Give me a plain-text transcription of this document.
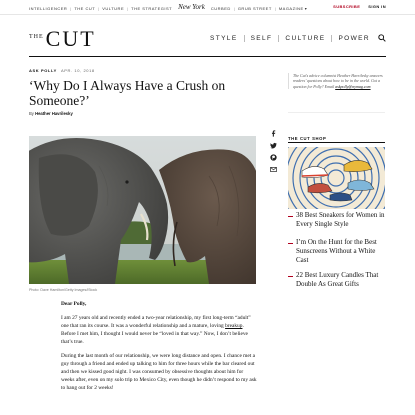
INTELLIGENCER | THE CUT | VULTURE | THE STRATEGIST New York CURBED | GRUB STREET | MAGAZINE ▾	SUBSCRIBE SIGN IN
THE CUT	STYLE SELF CULTURE POWER
ASK POLLY APR. 10, 2018
‘Why Do I Always Have a Crush on Someone?’
By Heather Havrilesky
The Cut’s advice columnist Heather Havrilesky answers readers’ questions about how to be in the world. Got a question for Polly? Email askpolly@nymag.com
Photo: Dave Hamilton/Getty Images/iStock
Dear Polly,

I am 27 years old and recently ended a two-year relationship, my first long-term “adult” one that ran its course. It was a wonderful relationship and a mature, loving breakup. Before I met him, I thought I would never be “loved in that way.” Now, I don’t believe that’s true.

During the last month of our relationship, we were long distance and open. I chance met a guy through a friend and ended up talking to him for three hours while the bar cleared out and then we kissed good night. I was consumed by obsessive thoughts about him for weeks after, even on my solo trip to Mexico City, even though he didn’t respond to my ask to hang out for 2 weeks!

THE CUT SHOP
38 Best Sneakers for Women in Every Single Style
I’m On the Hunt for the Best Sunscreens Without a White Cast
22 Best Luxury Candles That Double As Great Gifts
